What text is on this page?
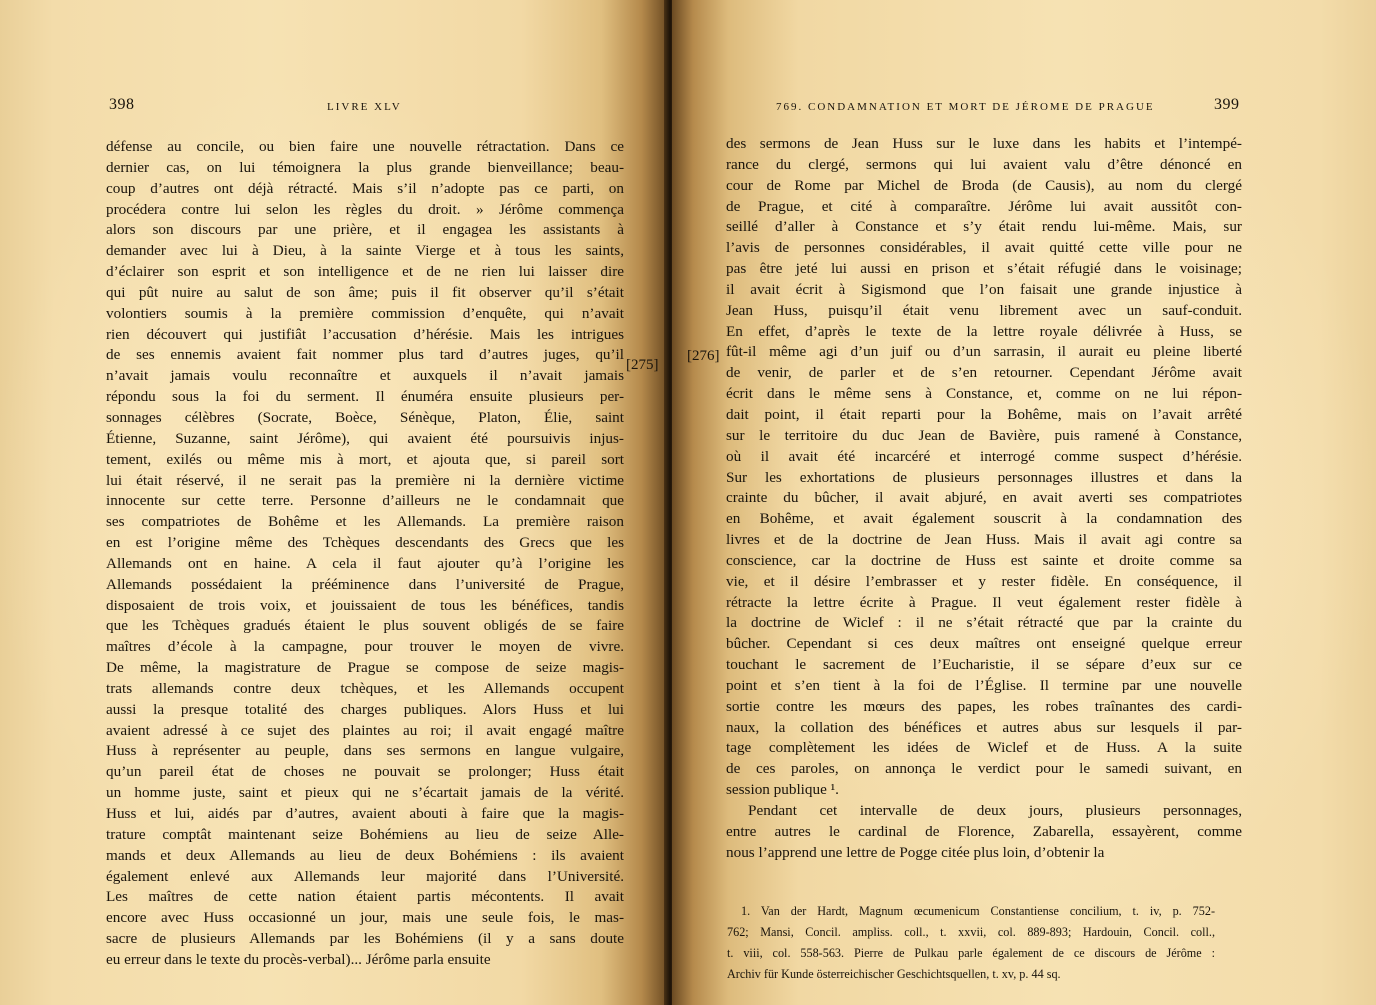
398	LIVRE XLV
défense au concile, ou bien faire une nouvelle rétractation. Dans ce
dernier cas, on lui témoignera la plus grande bienveillance; beau-
coup d’autres ont déjà rétracté. Mais s’il n’adopte pas ce parti, on
procédera contre lui selon les règles du droit. » Jérôme commença
alors son discours par une prière, et il engagea les assistants à
demander avec lui à Dieu, à la sainte Vierge et à tous les saints,
d’éclairer son esprit et son intelligence et de ne rien lui laisser dire
qui pût nuire au salut de son âme; puis il fit observer qu’il s’était
volontiers soumis à la première commission d’enquête, qui n’avait
rien découvert qui justifiât l’accusation d’hérésie. Mais les intrigues
de ses ennemis avaient fait nommer plus tard d’autres juges, qu’il
n’avait jamais voulu reconnaître et auxquels il n’avait jamais
répondu sous la foi du serment. Il énuméra ensuite plusieurs per-
sonnages célèbres (Socrate, Boèce, Sénèque, Platon, Élie, saint
Étienne, Suzanne, saint Jérôme), qui avaient été poursuivis injus-
tement, exilés ou même mis à mort, et ajouta que, si pareil sort
lui était réservé, il ne serait pas la première ni la dernière victime
innocente sur cette terre. Personne d’ailleurs ne le condamnait que
ses compatriotes de Bohême et les Allemands. La première raison
en est l’origine même des Tchèques descendants des Grecs que les
Allemands ont en haine. A cela il faut ajouter qu’à l’origine les
Allemands possédaient la prééminence dans l’université de Prague,
disposaient de trois voix, et jouissaient de tous les bénéfices, tandis
que les Tchèques gradués étaient le plus souvent obligés de se faire
maîtres d’école à la campagne, pour trouver le moyen de vivre.
De même, la magistrature de Prague se compose de seize magis-
trats allemands contre deux tchèques, et les Allemands occupent
aussi la presque totalité des charges publiques. Alors Huss et lui
avaient adressé à ce sujet des plaintes au roi; il avait engagé maître
Huss à représenter au peuple, dans ses sermons en langue vulgaire,
qu’un pareil état de choses ne pouvait se prolonger; Huss était
un homme juste, saint et pieux qui ne s’écartait jamais de la vérité.
Huss et lui, aidés par d’autres, avaient abouti à faire que la magis-
trature comptât maintenant seize Bohémiens au lieu de seize Alle-
mands et deux Allemands au lieu de deux Bohémiens : ils avaient
également enlevé aux Allemands leur majorité dans l’Université.
Les maîtres de cette nation étaient partis mécontents. Il avait
encore avec Huss occasionné un jour, mais une seule fois, le mas-
sacre de plusieurs Allemands par les Bohémiens (il y a sans doute
eu erreur dans le texte du procès-verbal)... Jérôme parla ensuite
[275]
769. CONDAMNATION ET MORT DE JÉROME DE PRAGUE	399
[276]
des sermons de Jean Huss sur le luxe dans les habits et l’intempé-
rance du clergé, sermons qui lui avaient valu d’être dénoncé en
cour de Rome par Michel de Broda (de Causis), au nom du clergé
de Prague, et cité à comparaître. Jérôme lui avait aussitôt con-
seillé d’aller à Constance et s’y était rendu lui-même. Mais, sur
l’avis de personnes considérables, il avait quitté cette ville pour ne
pas être jeté lui aussi en prison et s’était réfugié dans le voisinage;
il avait écrit à Sigismond que l’on faisait une grande injustice à
Jean Huss, puisqu’il était venu librement avec un sauf-conduit.
En effet, d’après le texte de la lettre royale délivrée à Huss, se
fût-il même agi d’un juif ou d’un sarrasin, il aurait eu pleine liberté
de venir, de parler et de s’en retourner. Cependant Jérôme avait
écrit dans le même sens à Constance, et, comme on ne lui répon-
dait point, il était reparti pour la Bohême, mais on l’avait arrêté
sur le territoire du duc Jean de Bavière, puis ramené à Constance,
où il avait été incarcéré et interrogé comme suspect d’hérésie.
Sur les exhortations de plusieurs personnages illustres et dans la
crainte du bûcher, il avait abjuré, en avait averti ses compatriotes
en Bohême, et avait également souscrit à la condamnation des
livres et de la doctrine de Jean Huss. Mais il avait agi contre sa
conscience, car la doctrine de Huss est sainte et droite comme sa
vie, et il désire l’embrasser et y rester fidèle. En conséquence, il
rétracte la lettre écrite à Prague. Il veut également rester fidèle à
la doctrine de Wiclef : il ne s’était rétracté que par la crainte du
bûcher. Cependant si ces deux maîtres ont enseigné quelque erreur
touchant le sacrement de l’Eucharistie, il se sépare d’eux sur ce
point et s’en tient à la foi de l’Église. Il termine par une nouvelle
sortie contre les mœurs des papes, les robes traînantes des cardi-
naux, la collation des bénéfices et autres abus sur lesquels il par-
tage complètement les idées de Wiclef et de Huss. A la suite
de ces paroles, on annonça le verdict pour le samedi suivant, en
session publique ¹.
Pendant cet intervalle de deux jours, plusieurs personnages,
entre autres le cardinal de Florence, Zabarella, essayèrent, comme
nous l’apprend une lettre de Pogge citée plus loin, d’obtenir la
1. Van der Hardt, Magnum œcumenicum Constantiense concilium, t. iv, p. 752-
762; Mansi, Concil. ampliss. coll., t. xxvii, col. 889-893; Hardouin, Concil. coll.,
t. viii, col. 558-563. Pierre de Pulkau parle également de ce discours de Jérôme :
Archiv für Kunde österreichischer Geschichtsquellen, t. xv, p. 44 sq.
